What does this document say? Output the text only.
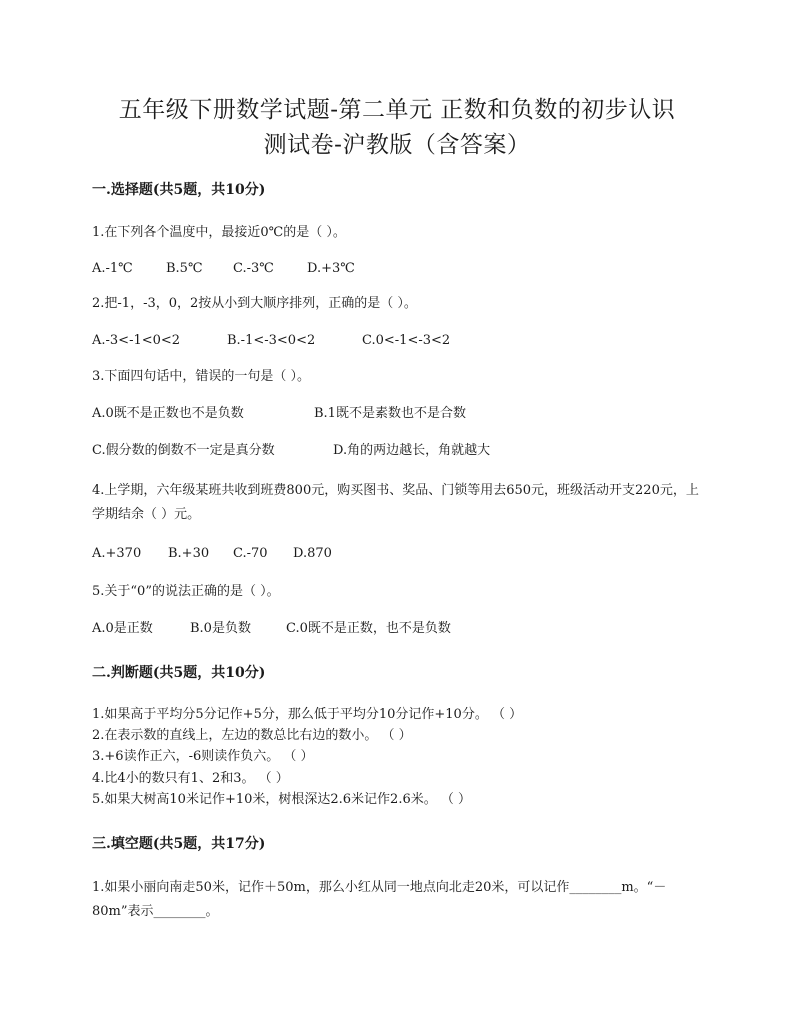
五年级下册数学试题-第二单元 正数和负数的初步认识
测试卷-沪教版（含答案）
一.选择题(共5题，共10分)
1.在下列各个温度中，最接近0℃的是（ ）。
A.-1℃	B.5℃ C.-3℃	D.+3℃
2.把-1，-3，0，2按从小到大顺序排列，正确的是（ ）。
A.-3<-1<0<2	B.-1<-3<0<2	C.0<-1<-3<2
3.下面四句话中，错误的一句是（ ）。
A.0既不是正数也不是负数	B.1既不是素数也不是合数
C.假分数的倒数不一定是真分数	D.角的两边越长，角就越大
4.上学期，六年级某班共收到班费800元，购买图书、奖品、门锁等用去650元，班级活动开支220元，上学期结余（ ）元。
A.+370 B.+30 C.-70 D.870
5.关于“0”的说法正确的是（ ）。
A.0是正数	B.0是负数	C.0既不是正数，也不是负数
二.判断题(共5题，共10分)
1.如果高于平均分5分记作+5分，那么低于平均分10分记作+10分。 （ ）
2.在表示数的直线上，左边的数总比右边的数小。 （ ）
3.+6读作正六，-6则读作负六。 （ ）
4.比4小的数只有1、2和3。 （ ）
5.如果大树高10米记作+10米，树根深达2.6米记作2.6米。 （ ）
三.填空题(共5题，共17分)
1.如果小丽向南走50米，记作＋50m，那么小红从同一地点向北走20米，可以记作________m。“－80m”表示________。
